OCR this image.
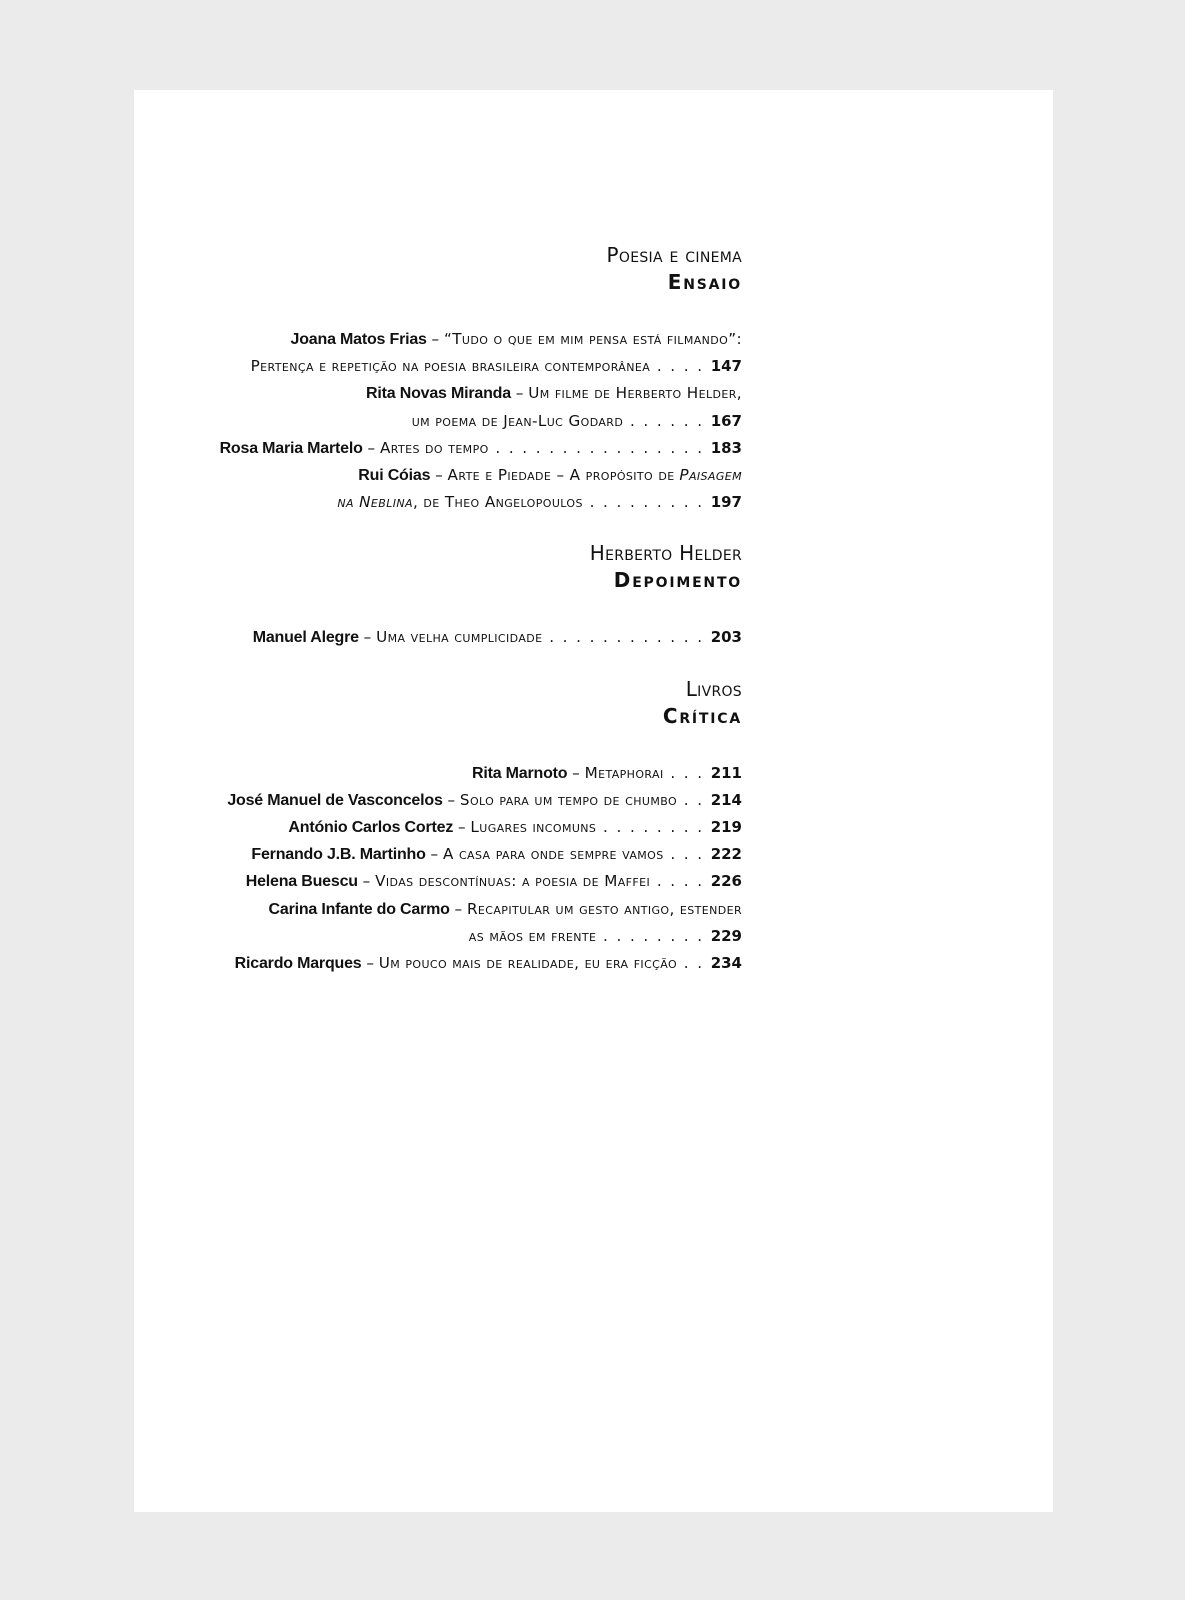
Poesia e cinema
Ensaio
Joana Matos Frias – “Tudo o que em mim pensa está filmando”:
Pertença e repetição na poesia brasileira contemporânea . . . . 147
Rita Novas Miranda – Um filme de Herberto Helder,
um poema de Jean-Luc Godard . . . . . . 167
Rosa Maria Martelo – Artes do tempo . . . . . . . . . . . . . . . . 183
Rui Cóias – Arte e Piedade – A propósito de Paisagem
na Neblina, de Theo Angelopoulos . . . . . . . . . 197
Herberto Helder
Depoimento
Manuel Alegre – Uma velha cumplicidade . . . . . . . . . . . . 203
Livros
Crítica
Rita Marnoto – Metaphorai . . . 211
José Manuel de Vasconcelos – Solo para um tempo de chumbo . . 214
António Carlos Cortez – Lugares incomuns . . . . . . . . 219
Fernando J.B. Martinho – A casa para onde sempre vamos . . . 222
Helena Buescu – Vidas descontínuas: a poesia de Maffei . . . . 226
Carina Infante do Carmo – Recapitular um gesto antigo, estender
as mãos em frente . . . . . . . . 229
Ricardo Marques – Um pouco mais de realidade, eu era ficção . . 234
